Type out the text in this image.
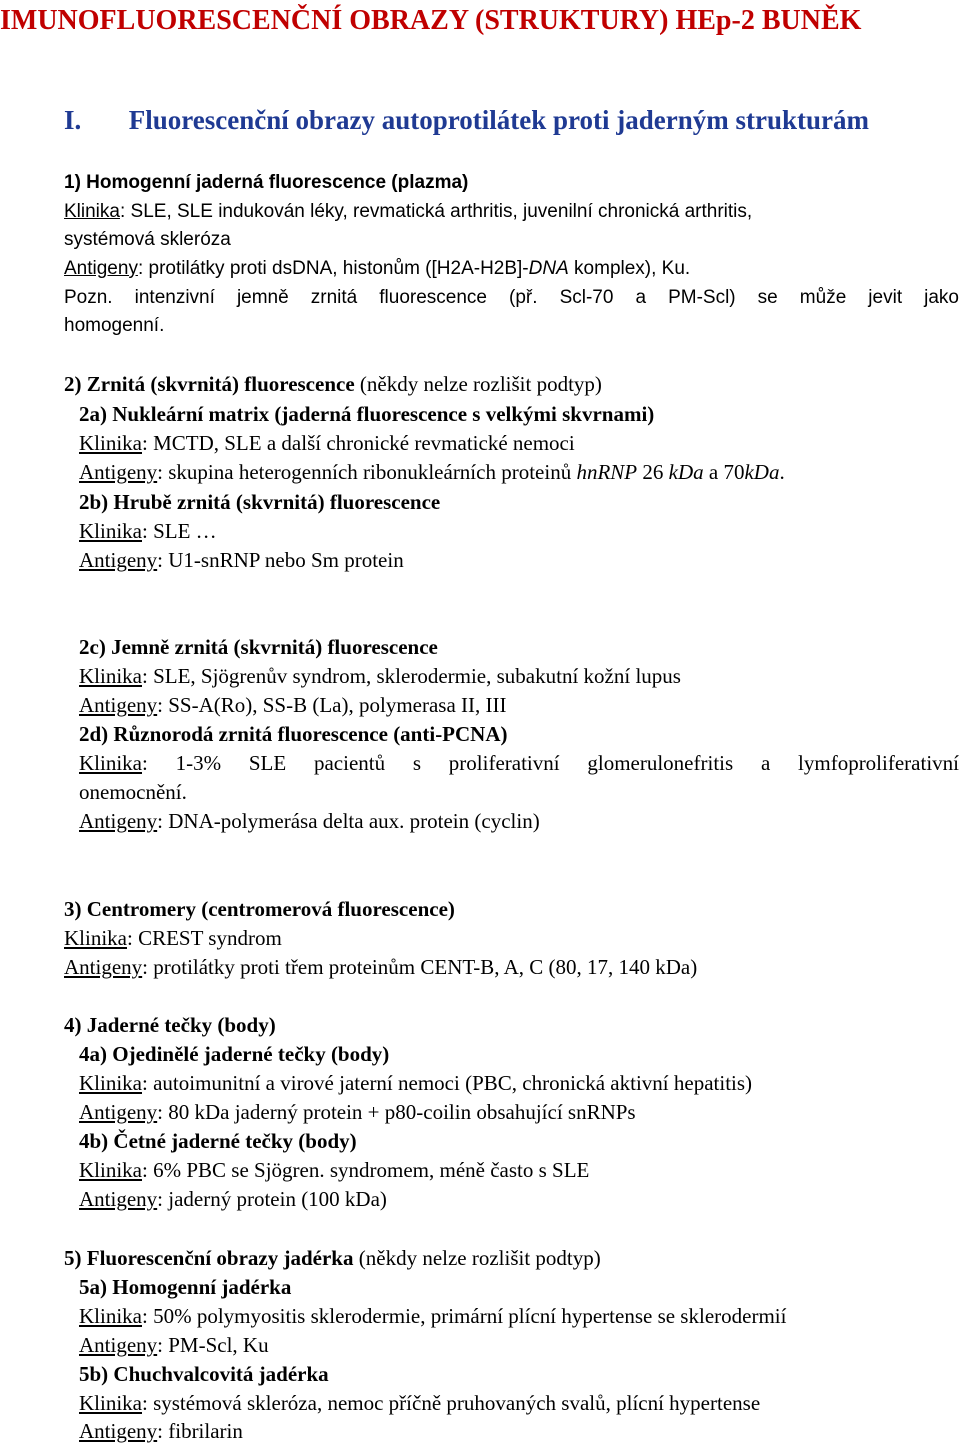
IMUNOFLUORESCENČNÍ OBRAZY (STRUKTURY) HEp-2 BUNĚK
I. Fluorescenční obrazy autoprotilátek proti jaderným strukturám
1) Homogenní jaderná fluorescence (plazma)
Klinika: SLE, SLE indukován léky, revmatická arthritis, juvenilní chronická arthritis,
systémová skleróza
Antigeny: protilátky proti dsDNA, histonům ([H2A-H2B]-DNA komplex), Ku.
Pozn. intenzivní jemně zrnitá fluorescence (př. Scl-70 a PM-Scl) se může jevit jako
homogenní.
2) Zrnitá (skvrnitá) fluorescence (někdy nelze rozlišit podtyp)
2a) Nukleární matrix (jaderná fluorescence s velkými skvrnami)
Klinika: MCTD, SLE a další chronické revmatické nemoci
Antigeny: skupina heterogenních ribonukleárních proteinů hnRNP 26 kDa a 70kDa.
2b) Hrubě zrnitá (skvrnitá) fluorescence
Klinika: SLE …
Antigeny: U1-snRNP nebo Sm protein
2c) Jemně zrnitá (skvrnitá) fluorescence
Klinika: SLE, Sjögrenův syndrom, sklerodermie, subakutní kožní lupus
Antigeny: SS-A(Ro), SS-B (La), polymerasa II, III
2d) Různorodá zrnitá fluorescence (anti-PCNA)
Klinika: 1-3% SLE pacientů s proliferativní glomerulonefritis a lymfoproliferativní
onemocnění.
Antigeny: DNA-polymerása delta aux. protein (cyclin)
3) Centromery (centromerová fluorescence)
Klinika: CREST syndrom
Antigeny: protilátky proti třem proteinům CENT-B, A, C (80, 17, 140 kDa)
4) Jaderné tečky (body)
4a) Ojedinělé jaderné tečky (body)
Klinika: autoimunitní a virové jaterní nemoci (PBC, chronická aktivní hepatitis)
Antigeny: 80 kDa jaderný protein + p80-coilin obsahující snRNPs
4b) Četné jaderné tečky (body)
Klinika: 6% PBC se Sjögren. syndromem, méně často s SLE
Antigeny: jaderný protein (100 kDa)
5) Fluorescenční obrazy jadérka (někdy nelze rozlišit podtyp)
5a) Homogenní jadérka
Klinika: 50% polymyositis sklerodermie, primární plícní hypertense se sklerodermií
Antigeny: PM-Scl, Ku
5b) Chuchvalcovitá jadérka
Klinika: systémová skleróza, nemoc příčně pruhovaných svalů, plícní hypertense
Antigeny: fibrilarin
